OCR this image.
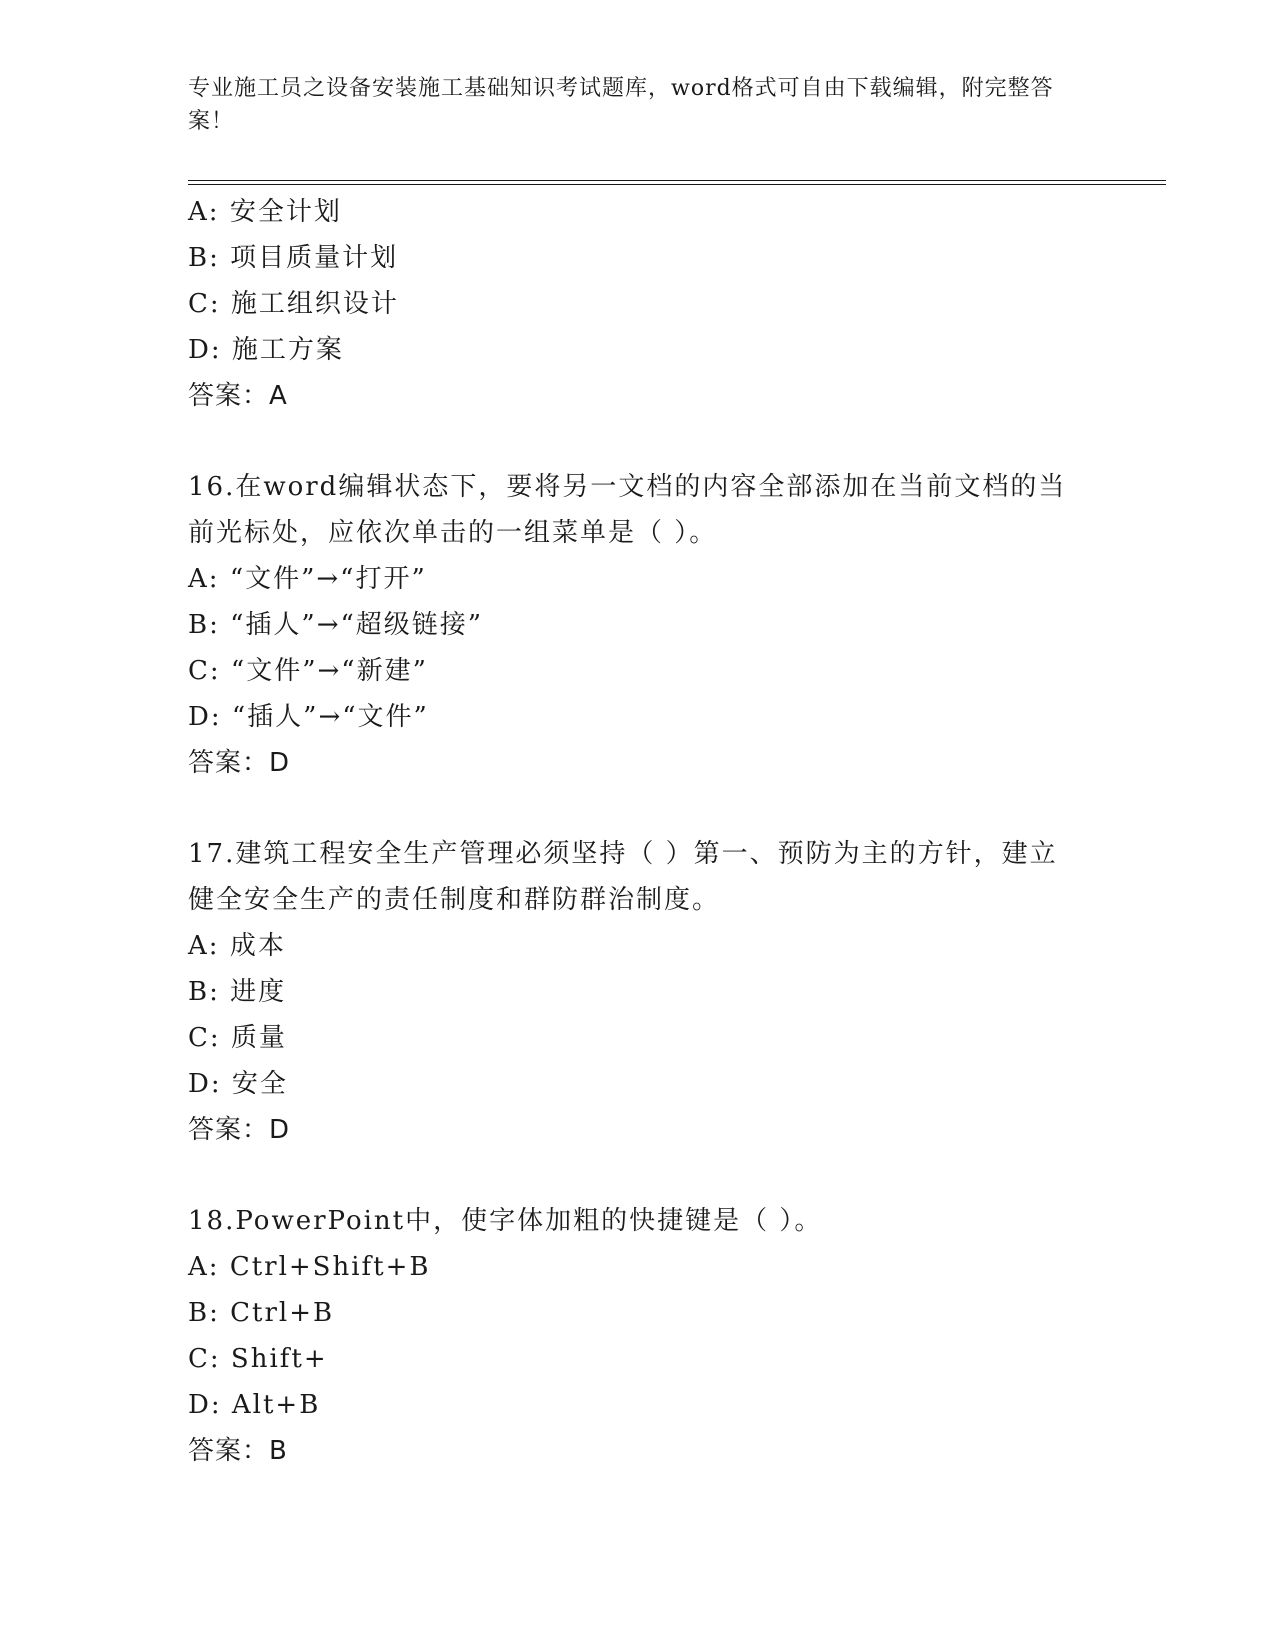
专业施工员之设备安装施工基础知识考试题库，word格式可自由下载编辑，附完整答案！
A: 安全计划
B: 项目质量计划
C: 施工组织设计
D: 施工方案
答案：A
16.在word编辑状态下，要将另一文档的内容全部添加在当前文档的当前光标处，应依次单击的一组菜单是（ ）。
A: “文件”→“打开”
B: “插人”→“超级链接”
C: “文件”→“新建”
D: “插人”→“文件”
答案：D
17.建筑工程安全生产管理必须坚持（ ）第一、预防为主的方针，建立健全安全生产的责任制度和群防群治制度。
A: 成本
B: 进度
C: 质量
D: 安全
答案：D
18.PowerPoint中，使字体加粗的快捷键是（ ）。
A: Ctrl+Shift+B
B: Ctrl+B
C: Shift+
D: Alt+B
答案：B
